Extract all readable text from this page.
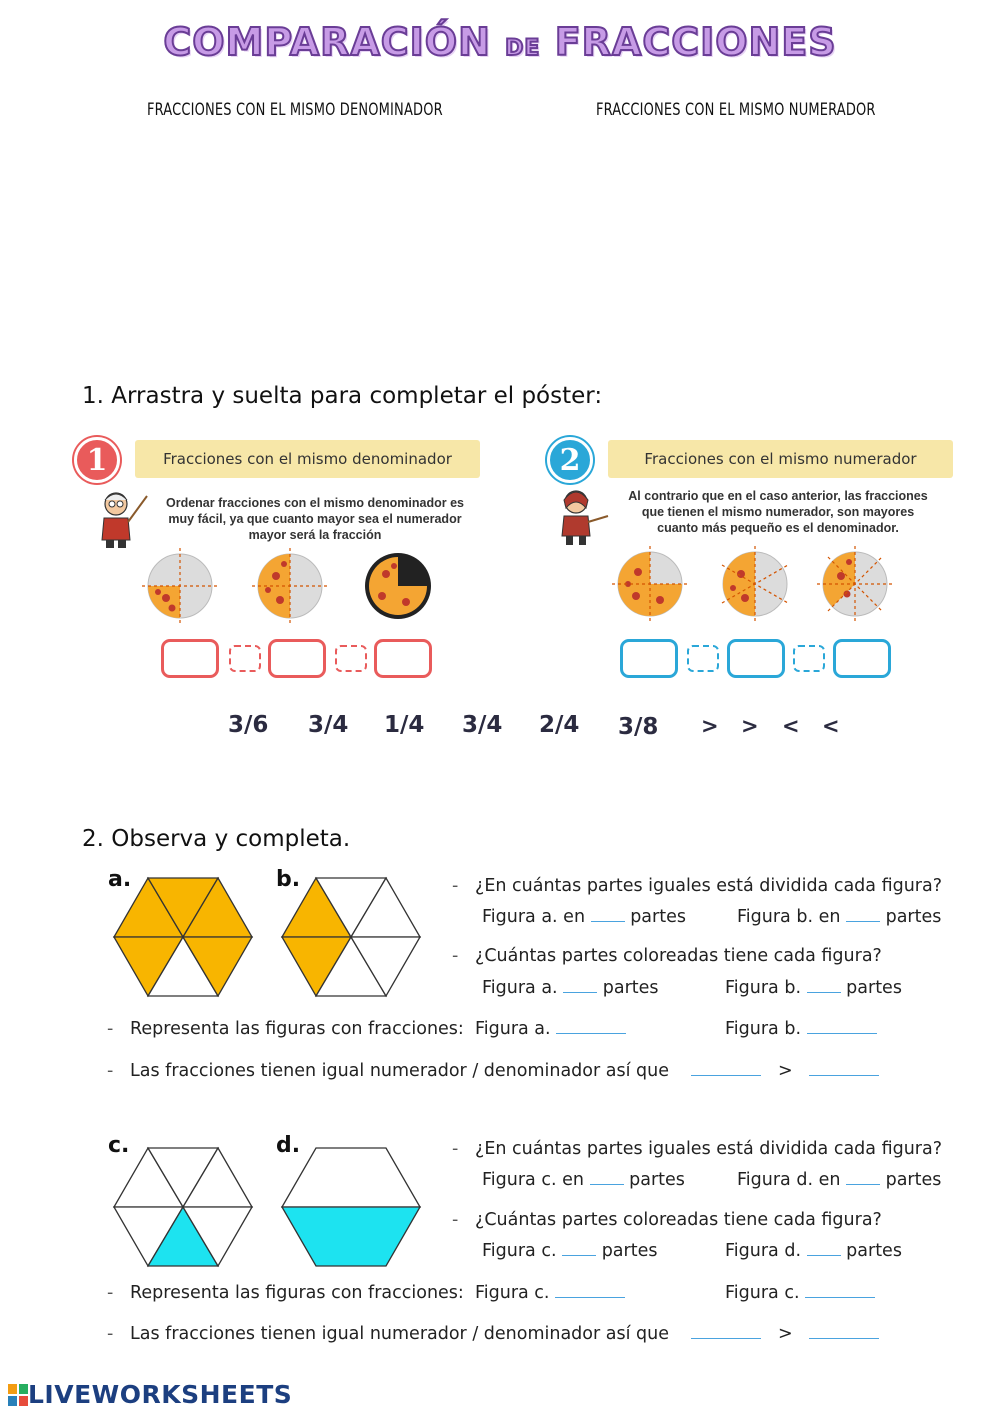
COMPARACIÓN DE FRACCIONES
FRACCIONES CON EL MISMO DENOMINADOR	FRACCIONES CON EL MISMO NUMERADOR
1. Arrastra y suelta para completar el póster:
1	Fracciones con el mismo denominador
Ordenar fracciones con el mismo denominador es muy fácil, ya que cuanto mayor sea el numerador mayor será la fracción
2	Fracciones con el mismo numerador
Al contrario que en el caso anterior, las fracciones que tienen el mismo numerador, son mayores cuanto más pequeño es el denominador.
3/6 3/4 1/4 3/4 2/4 3/8 > > < <
2. Observa y completa.
a.	b.	- ¿En cuántas partes iguales está dividida cada figura?
Figura a. en	partes	Figura b. en	partes
- ¿Cuántas partes coloreadas tiene cada figura?
Figura a.	partes	Figura b.	partes
- Representa las figuras con fracciones: Figura a.	Figura b.
- Las fracciones tienen igual numerador / denominador así que	>
c.	d.	- ¿En cuántas partes iguales está dividida cada figura?
Figura c. en	partes	Figura d. en	partes
- ¿Cuántas partes coloreadas tiene cada figura?
Figura c.	partes	Figura d.	partes
- Representa las figuras con fracciones: Figura c.	Figura c.
- Las fracciones tienen igual numerador / denominador así que	>
LIVEWORKSHEETS
